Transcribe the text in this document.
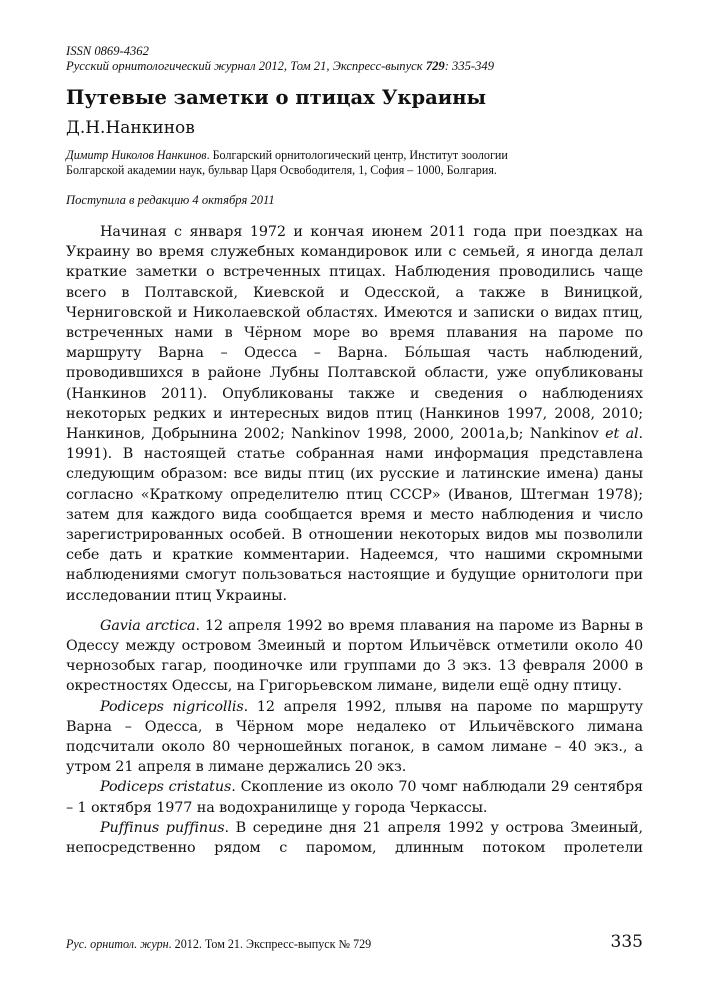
ISSN 0869-4362
Русский орнитологический журнал 2012, Том 21, Экспресс-выпуск 729: 335-349
Путевые заметки о птицах Украины
Д.Н.Нанкинов
Димитр Николов Нанкинов. Болгарский орнитологический центр, Институт зоологии
Болгарской академии наук, бульвар Царя Освободителя, 1, София – 1000, Болгария.
Поступила в редакцию 4 октября 2011

Начиная с января 1972 и кончая июнем 2011 года при поездках на Украину во время служебных командировок или с семьей, я иногда делал краткие заметки о встреченных птицах. Наблюдения проводились чаще всего в Полтавской, Киевской и Одесской, а также в Виницкой, Черниговской и Николаевской областях. Имеются и записки о видах птиц, встреченных нами в Чёрном море во время плавания на пароме по маршруту Варна – Одесса – Варна. Бóльшая часть наблюдений, проводившихся в районе Лубны Полтавской области, уже опубликованы (Нанкинов 2011). Опубликованы также и сведения о наблюдениях некоторых редких и интересных видов птиц (Нанкинов 1997, 2008, 2010; Нанкинов, Добрынина 2002; Nankinov 1998, 2000, 2001a,b; Nankinov et al. 1991). В настоящей статье собранная нами информация представлена следующим образом: все виды птиц (их русские и латинские имена) даны согласно «Краткому определителю птиц СССР» (Иванов, Штегман 1978); затем для каждого вида сообщается время и место наблюдения и число зарегистрированных особей. В отношении некоторых видов мы позволили себе дать и краткие комментарии. Надеемся, что нашими скромными наблюдениями смогут пользоваться настоящие и будущие орнитологи при исследовании птиц Украины.

Gavia arctica. 12 апреля 1992 во время плавания на пароме из Варны в Одессу между островом Змеиный и портом Ильичёвск отметили около 40 чернозобых гагар, поодиночке или группами до 3 экз. 13 февраля 2000 в окрестностях Одессы, на Григорьевском лимане, видели ещё одну птицу.

Podiceps nigricollis. 12 апреля 1992, плывя на пароме по маршруту Варна – Одесса, в Чёрном море недалеко от Ильичёвского лимана подсчитали около 80 черношейных поганок, в самом лимане – 40 экз., а утром 21 апреля в лимане держались 20 экз.

Podiceps cristatus. Скопление из около 70 чомг наблюдали 29 сентября – 1 октября 1977 на водохранилище у города Черкассы.

Puffinus puffinus. В середине дня 21 апреля 1992 у острова Змеиный, непосредственно рядом с паромом, длинным потоком пролетели

Рус. орнитол. журн. 2012. Том 21. Экспресс-выпуск № 729	335
